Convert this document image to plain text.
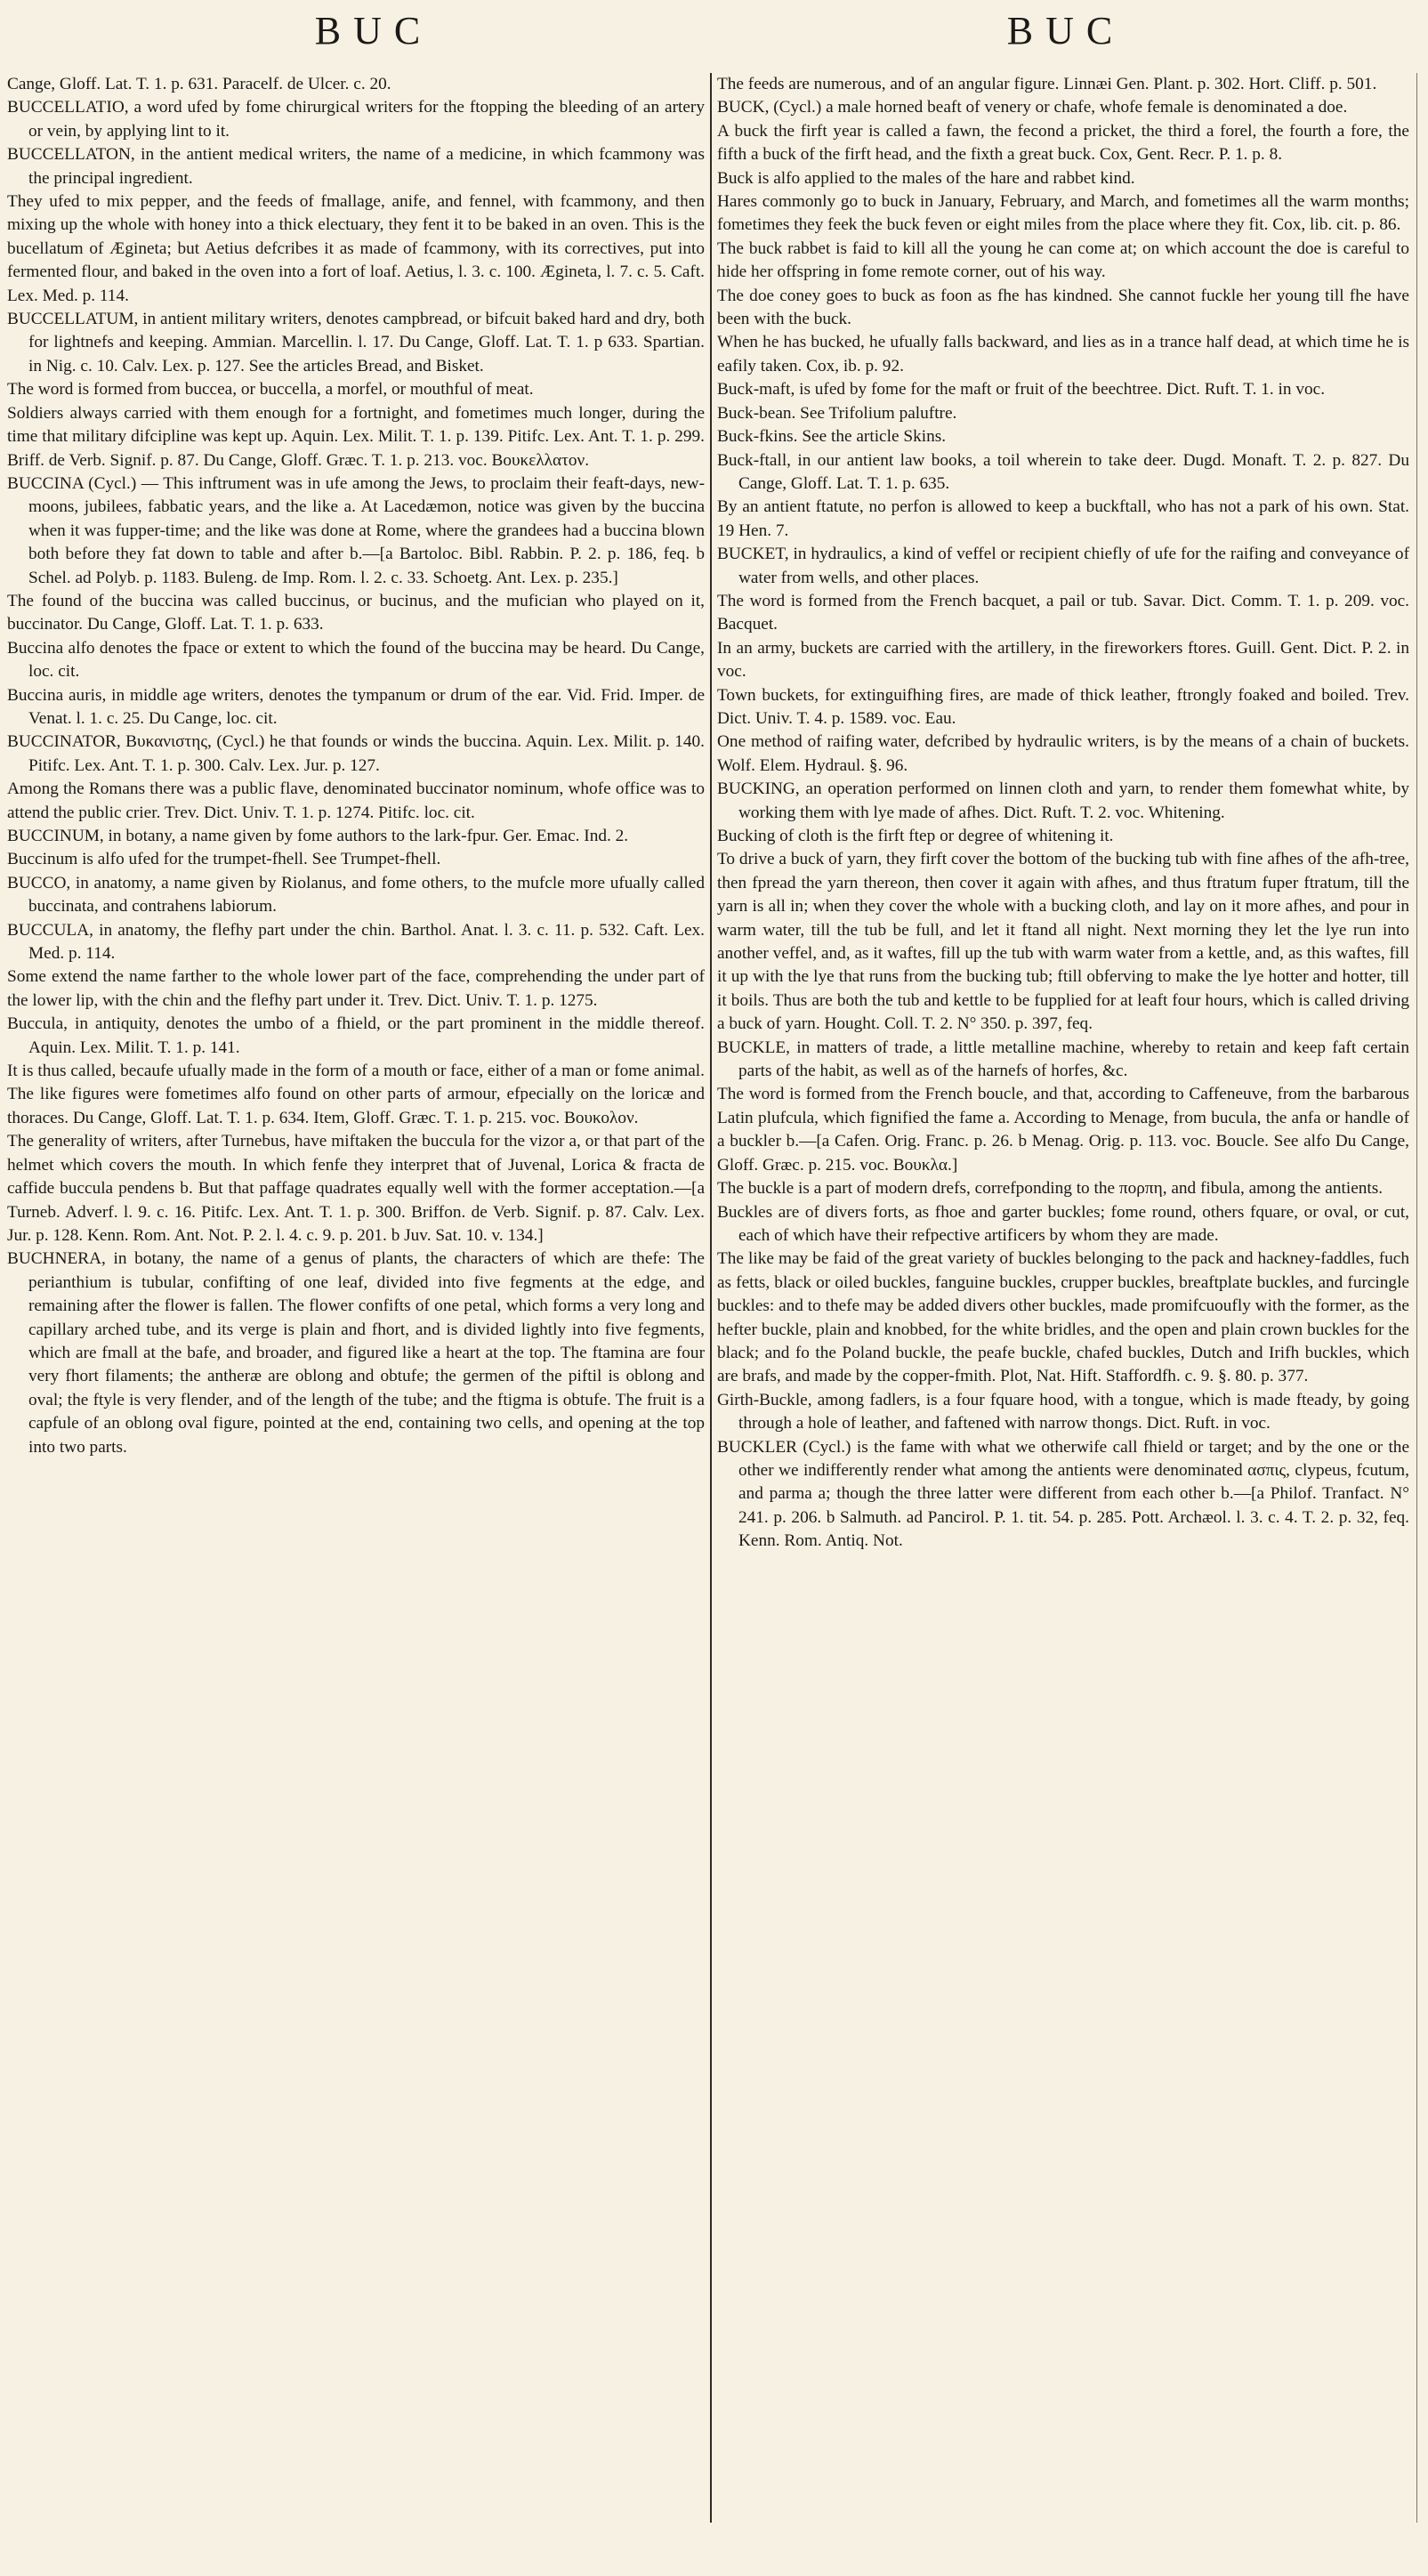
BUC	BUC

Cange, Gloff. Lat. T. 1. p. 631. Paracelf. de Ulcer. c. 20.

BUCCELLATIO, a word ufed by fome chirurgical writers for the ftopping the bleeding of an artery or vein, by applying lint to it.

BUCCELLATON, in the antient medical writers, the name of a medicine, in which fcammony was the principal ingredient.

They ufed to mix pepper, and the feeds of fmallage, anife, and fennel, with fcammony, and then mixing up the whole with honey into a thick electuary, they fent it to be baked in an oven. This is the bucellatum of Ægineta; but Aetius defcribes it as made of fcammony, with its correctives, put into fermented flour, and baked in the oven into a fort of loaf. Aetius, l. 3. c. 100. Ægineta, l. 7. c. 5. Caft. Lex. Med. p. 114.

BUCCELLATUM, in antient military writers, denotes campbread, or bifcuit baked hard and dry, both for lightnefs and keeping. Ammian. Marcellin. l. 17. Du Cange, Gloff. Lat. T. 1. p 633. Spartian. in Nig. c. 10. Calv. Lex. p. 127. See the articles Bread, and Bisket.

The word is formed from buccea, or buccella, a morfel, or mouthful of meat.

Soldiers always carried with them enough for a fortnight, and fometimes much longer, during the time that military difcipline was kept up. Aquin. Lex. Milit. T. 1. p. 139. Pitifc. Lex. Ant. T. 1. p. 299. Briff. de Verb. Signif. p. 87. Du Cange, Gloff. Græc. T. 1. p. 213. voc. Βουκελλατον.

BUCCINA (Cycl.) — This inftrument was in ufe among the Jews, to proclaim their feaft-days, new-moons, jubilees, fabbatic years, and the like a. At Lacedæmon, notice was given by the buccina when it was fupper-time; and the like was done at Rome, where the grandees had a buccina blown both before they fat down to table and after b.—[a Bartoloc. Bibl. Rabbin. P. 2. p. 186, feq. b Schel. ad Polyb. p. 1183. Buleng. de Imp. Rom. l. 2. c. 33. Schoetg. Ant. Lex. p. 235.]

The found of the buccina was called buccinus, or bucinus, and the mufician who played on it, buccinator. Du Cange, Gloff. Lat. T. 1. p. 633.

Buccina alfo denotes the fpace or extent to which the found of the buccina may be heard. Du Cange, loc. cit.

Buccina auris, in middle age writers, denotes the tympanum or drum of the ear. Vid. Frid. Imper. de Venat. l. 1. c. 25. Du Cange, loc. cit.

BUCCINATOR, Βυκανιστης, (Cycl.) he that founds or winds the buccina. Aquin. Lex. Milit. p. 140. Pitifc. Lex. Ant. T. 1. p. 300. Calv. Lex. Jur. p. 127.

Among the Romans there was a public flave, denominated buccinator nominum, whofe office was to attend the public crier. Trev. Dict. Univ. T. 1. p. 1274. Pitifc. loc. cit.

BUCCINUM, in botany, a name given by fome authors to the lark-fpur. Ger. Emac. Ind. 2.

Buccinum is alfo ufed for the trumpet-fhell. See Trumpet-fhell.

BUCCO, in anatomy, a name given by Riolanus, and fome others, to the mufcle more ufually called buccinata, and contrahens labiorum.

BUCCULA, in anatomy, the flefhy part under the chin. Barthol. Anat. l. 3. c. 11. p. 532. Caft. Lex. Med. p. 114.

Some extend the name farther to the whole lower part of the face, comprehending the under part of the lower lip, with the chin and the flefhy part under it. Trev. Dict. Univ. T. 1. p. 1275.

Buccula, in antiquity, denotes the umbo of a fhield, or the part prominent in the middle thereof. Aquin. Lex. Milit. T. 1. p. 141.

It is thus called, becaufe ufually made in the form of a mouth or face, either of a man or fome animal. The like figures were fometimes alfo found on other parts of armour, efpecially on the loricæ and thoraces. Du Cange, Gloff. Lat. T. 1. p. 634. Item, Gloff. Græc. T. 1. p. 215. voc. Βουκολον.

The generality of writers, after Turnebus, have miftaken the buccula for the vizor a, or that part of the helmet which covers the mouth. In which fenfe they interpret that of Juvenal, Lorica & fracta de caffide buccula pendens b. But that paffage quadrates equally well with the former acceptation.—[a Turneb. Adverf. l. 9. c. 16. Pitifc. Lex. Ant. T. 1. p. 300. Briffon. de Verb. Signif. p. 87. Calv. Lex. Jur. p. 128. Kenn. Rom. Ant. Not. P. 2. l. 4. c. 9. p. 201. b Juv. Sat. 10. v. 134.]

BUCHNERA, in botany, the name of a genus of plants, the characters of which are thefe: The perianthium is tubular, confifting of one leaf, divided into five fegments at the edge, and remaining after the flower is fallen. The flower confifts of one petal, which forms a very long and capillary arched tube, and its verge is plain and fhort, and is divided lightly into five fegments, which are fmall at the bafe, and broader, and figured like a heart at the top. The ftamina are four very fhort filaments; the antheræ are oblong and obtufe; the germen of the piftil is oblong and oval; the ftyle is very flender, and of the length of the tube; and the ftigma is obtufe. The fruit is a capfule of an oblong oval figure, pointed at the end, containing two cells, and opening at the top into two parts.

The feeds are numerous, and of an angular figure. Linnæi Gen. Plant. p. 302. Hort. Cliff. p. 501.

BUCK, (Cycl.) a male horned beaft of venery or chafe, whofe female is denominated a doe.

A buck the firft year is called a fawn, the fecond a pricket, the third a forel, the fourth a fore, the fifth a buck of the firft head, and the fixth a great buck. Cox, Gent. Recr. P. 1. p. 8.

Buck is alfo applied to the males of the hare and rabbet kind.

Hares commonly go to buck in January, February, and March, and fometimes all the warm months; fometimes they feek the buck feven or eight miles from the place where they fit. Cox, lib. cit. p. 86.

The buck rabbet is faid to kill all the young he can come at; on which account the doe is careful to hide her offspring in fome remote corner, out of his way.

The doe coney goes to buck as foon as fhe has kindned. She cannot fuckle her young till fhe have been with the buck.

When he has bucked, he ufually falls backward, and lies as in a trance half dead, at which time he is eafily taken. Cox, ib. p. 92.

Buck-maft, is ufed by fome for the maft or fruit of the beechtree. Dict. Ruft. T. 1. in voc.

Buck-bean. See Trifolium paluftre.

Buck-fkins. See the article Skins.

Buck-ftall, in our antient law books, a toil wherein to take deer. Dugd. Monaft. T. 2. p. 827. Du Cange, Gloff. Lat. T. 1. p. 635.

By an antient ftatute, no perfon is allowed to keep a buckftall, who has not a park of his own. Stat. 19 Hen. 7.

BUCKET, in hydraulics, a kind of veffel or recipient chiefly of ufe for the raifing and conveyance of water from wells, and other places.

The word is formed from the French bacquet, a pail or tub. Savar. Dict. Comm. T. 1. p. 209. voc. Bacquet.

In an army, buckets are carried with the artillery, in the fireworkers ftores. Guill. Gent. Dict. P. 2. in voc.

Town buckets, for extinguifhing fires, are made of thick leather, ftrongly foaked and boiled. Trev. Dict. Univ. T. 4. p. 1589. voc. Eau.

One method of raifing water, defcribed by hydraulic writers, is by the means of a chain of buckets. Wolf. Elem. Hydraul. §. 96.

BUCKING, an operation performed on linnen cloth and yarn, to render them fomewhat white, by working them with lye made of afhes. Dict. Ruft. T. 2. voc. Whitening.

Bucking of cloth is the firft ftep or degree of whitening it.

To drive a buck of yarn, they firft cover the bottom of the bucking tub with fine afhes of the afh-tree, then fpread the yarn thereon, then cover it again with afhes, and thus ftratum fuper ftratum, till the yarn is all in; when they cover the whole with a bucking cloth, and lay on it more afhes, and pour in warm water, till the tub be full, and let it ftand all night. Next morning they let the lye run into another veffel, and, as it waftes, fill up the tub with warm water from a kettle, and, as this waftes, fill it up with the lye that runs from the bucking tub; ftill obferving to make the lye hotter and hotter, till it boils. Thus are both the tub and kettle to be fupplied for at leaft four hours, which is called driving a buck of yarn. Hought. Coll. T. 2. N° 350. p. 397, feq.

BUCKLE, in matters of trade, a little metalline machine, whereby to retain and keep faft certain parts of the habit, as well as of the harnefs of horfes, &c.

The word is formed from the French boucle, and that, according to Caffeneuve, from the barbarous Latin plufcula, which fignified the fame a. According to Menage, from bucula, the anfa or handle of a buckler b.—[a Cafen. Orig. Franc. p. 26. b Menag. Orig. p. 113. voc. Boucle. See alfo Du Cange, Gloff. Græc. p. 215. voc. Βουκλα.]

The buckle is a part of modern drefs, correfponding to the πορπη, and fibula, among the antients.

Buckles are of divers forts, as fhoe and garter buckles; fome round, others fquare, or oval, or cut, each of which have their refpective artificers by whom they are made.

The like may be faid of the great variety of buckles belonging to the pack and hackney-faddles, fuch as fetts, black or oiled buckles, fanguine buckles, crupper buckles, breaftplate buckles, and furcingle buckles: and to thefe may be added divers other buckles, made promifcuoufly with the former, as the hefter buckle, plain and knobbed, for the white bridles, and the open and plain crown buckles for the black; and fo the Poland buckle, the peafe buckle, chafed buckles, Dutch and Irifh buckles, which are brafs, and made by the copper-fmith. Plot, Nat. Hift. Staffordfh. c. 9. §. 80. p. 377.

Girth-Buckle, among fadlers, is a four fquare hood, with a tongue, which is made fteady, by going through a hole of leather, and faftened with narrow thongs. Dict. Ruft. in voc.

BUCKLER (Cycl.) is the fame with what we otherwife call fhield or target; and by the one or the other we indifferently render what among the antients were denominated ασπις, clypeus, fcutum, and parma a; though the three latter were different from each other b.—[a Philof. Tranfact. N° 241. p. 206. b Salmuth. ad Pancirol. P. 1. tit. 54. p. 285. Pott. Archæol. l. 3. c. 4. T. 2. p. 32, feq. Kenn. Rom. Antiq. Not.
